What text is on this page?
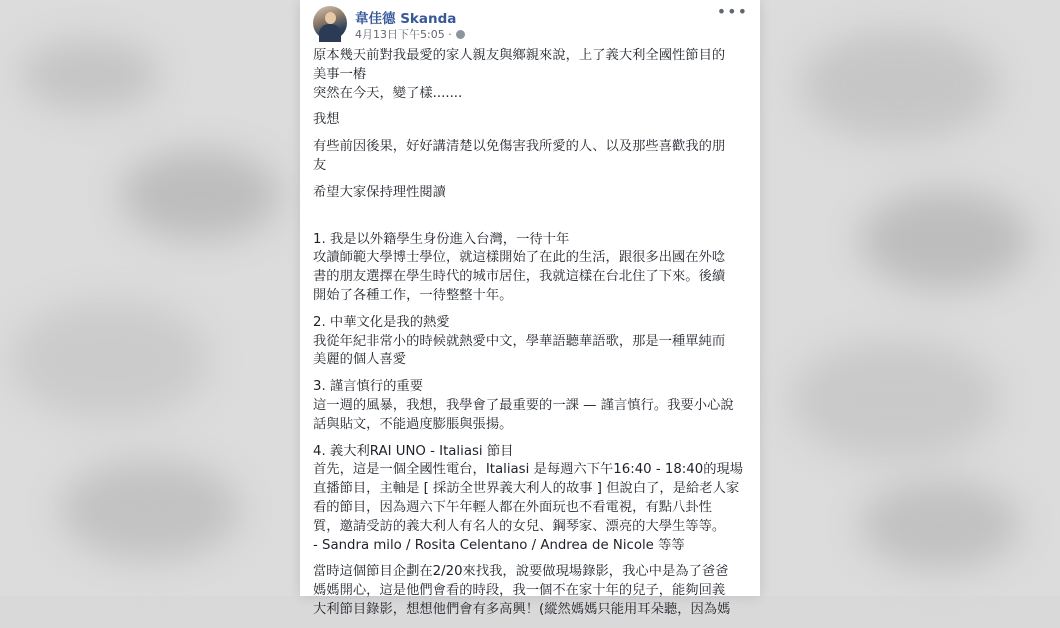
韋佳德 Skanda
4月13日下午5:05 ·
•••

原本幾天前對我最愛的家人親友與鄉親來說，上了義大利全國性節目的
美事一樁
突然在今天，變了樣.......

我想

有些前因後果，好好講清楚以免傷害我所愛的人、以及那些喜歡我的朋
友

希望大家保持理性閱讀

1. 我是以外籍學生身份進入台灣，一待十年
攻讀師範大學博士學位，就這樣開始了在此的生活，跟很多出國在外唸
書的朋友選擇在學生時代的城市居住，我就這樣在台北住了下來。後續
開始了各種工作，一待整整十年。

2. 中華文化是我的熱愛
我從年紀非常小的時候就熱愛中文，學華語聽華語歌，那是一種單純而
美麗的個人喜愛

3. 謹言慎行的重要
這一週的風暴，我想，我學會了最重要的一課 — 謹言慎行。我要小心說
話與貼文，不能過度膨脹與張揚。

4. 義大利RAI UNO - Italiasi 節目
首先，這是一個全國性電台，Italiasi 是每週六下午16:40 - 18:40的現場
直播節目，主軸是 [ 採訪全世界義大利人的故事 ] 但說白了，是給老人家
看的節目，因為週六下午年輕人都在外面玩也不看電視，有點八卦性
質，邀請受訪的義大利人有名人的女兒、鋼琴家、漂亮的大學生等等。
- Sandra milo / Rosita Celentano / Andrea de Nicole 等等

當時這個節目企劃在2/20來找我，說要做現場錄影，我心中是為了爸爸
媽媽開心，這是他們會看的時段，我一個不在家十年的兒子，能夠回義
大利節目錄影，想想他們會有多高興！(縱然媽媽只能用耳朵聽，因為媽
